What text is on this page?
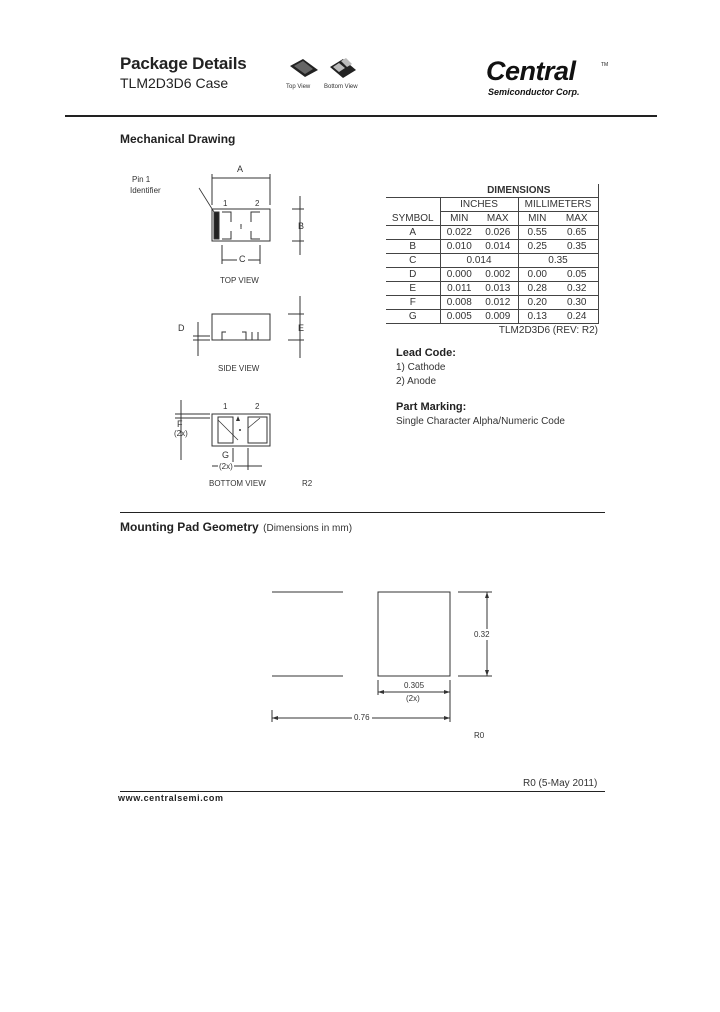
Package Details
TLM2D3D6 Case	Top View Bottom View
Central	TM
Semiconductor Corp.
Mechanical Drawing
Pin 1
Identifier
A
1	2
B
C
TOP VIEW
D	E
SIDE VIEW
1	2
F
(2x)
G
(2x)
BOTTOM VIEW	R2
	DIMENSIONS			
	INCHES		MILLIMETERS	
SYMBOL	MIN	MAX	MIN	MAX
A	0.022	0.026	0.55	0.65
B	0.010	0.014	0.25	0.35
C	0.014		0.35	
D	0.000	0.002	0.00	0.05
E	0.011	0.013	0.28	0.32
F	0.008	0.012	0.20	0.30
G	0.005	0.009	0.13	0.24
TLM2D3D6 (REV: R2)				
Lead Code:
1) Cathode
2) Anode
Part Marking:
Single Character Alpha/Numeric Code
Mounting Pad Geometry (Dimensions in mm)
0.32
0.305
(2x)
0.76
R0
R0 (5-May 2011)
www.centralsemi.com
